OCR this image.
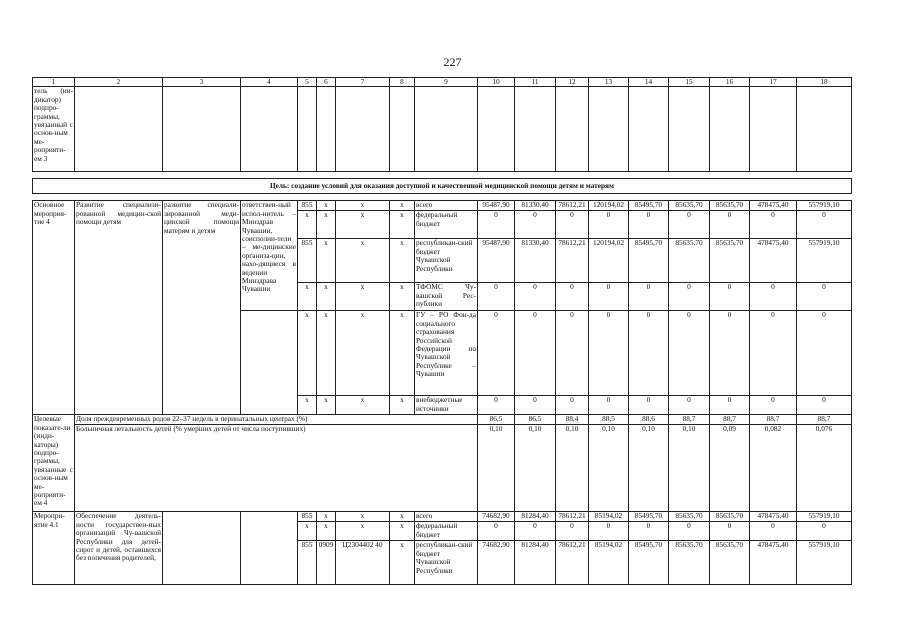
227
1	2	3	4	5	6	7	8	9	10	11	12	13	14	15	16	17	18
тель (ин-дикатор) подпро-граммы, увязанный с основ-ным ме-роприяти-ем 3																	

Цель: создание условий для оказания доступной и качественной медицинской помощи детям и матерям																	

Основное мероприя-тие 4	Развитие специализи-рованной медицин-ской помощи детям	развитие специали-зированной меди-цинской помощи матерям и детям	ответствен-ный испол-нитель – Минздрав Чувашии, соисполни-тели – ме-дицинские организа-ции, нахо-дящиеся в ведении Минздрава Чувашии	855	х	х	х	всего	95487,90	81330,40	78612,21	120194,02	85495,70	85635,70	85635,70	478475,40	557919,10
				х	х	х	х	федеральный бюджет	0	0	0	0	0	0	0	0	0
				855	х	х	х	республикан-ский бюджет Чувашской Республики	95487,90	81330,40	78612,21	120194,02	85495,70	85635,70	85635,70	478475,40	557919,10
				х	х	х	х	ТФОМС Чу-вашской Рес-публики	0	0	0	0	0	0	0	0	0
				х	х	х	х	ГУ – РО Фон-да социального страхования Российской Федерации по Чувашской Республике – Чувашии	0	0	0	0	0	0	0	0	0
				х	х	х	х	внебюджетные источники	0	0	0	0	0	0	0	0	0
Целевые показате-ли (инди-каторы) подпро-граммы, увязанные с основ-ным ме-роприяти-ем 4	Доля преждевременных родов 22–37 недель в перинатальных центрах (%)								86,5	86,5	88,4	88,5	88,6	88,7	88,7	88,7	88,7
	Больничная летальность детей (% умерших детей от числа поступивших)								0,10	0,10	0,10	0,10	0,10	0,10	0,09	0,082	0,076
Меропри-ятие 4.1	Обеспечение деятель-ности государствен-ных организаций Чу-вашской Республики для детей-сирот и детей, оставшихся без попечения родителей,			855	х	х	х	всего	74682,90	81284,40	78612,21	85194,02	85495,70	85635,70	85635,70	478475,40	557919,10
				х	х	х	х	федеральный бюджет	0	0	0	0	0	0	0	0	0
				855	0909	Ц2304402 40	х	республикан-ский бюджет Чувашской Республики	74682,90	81284,40	78612,21	85194,02	85495,70	85635,70	85635,70	478475,40	557919,10
